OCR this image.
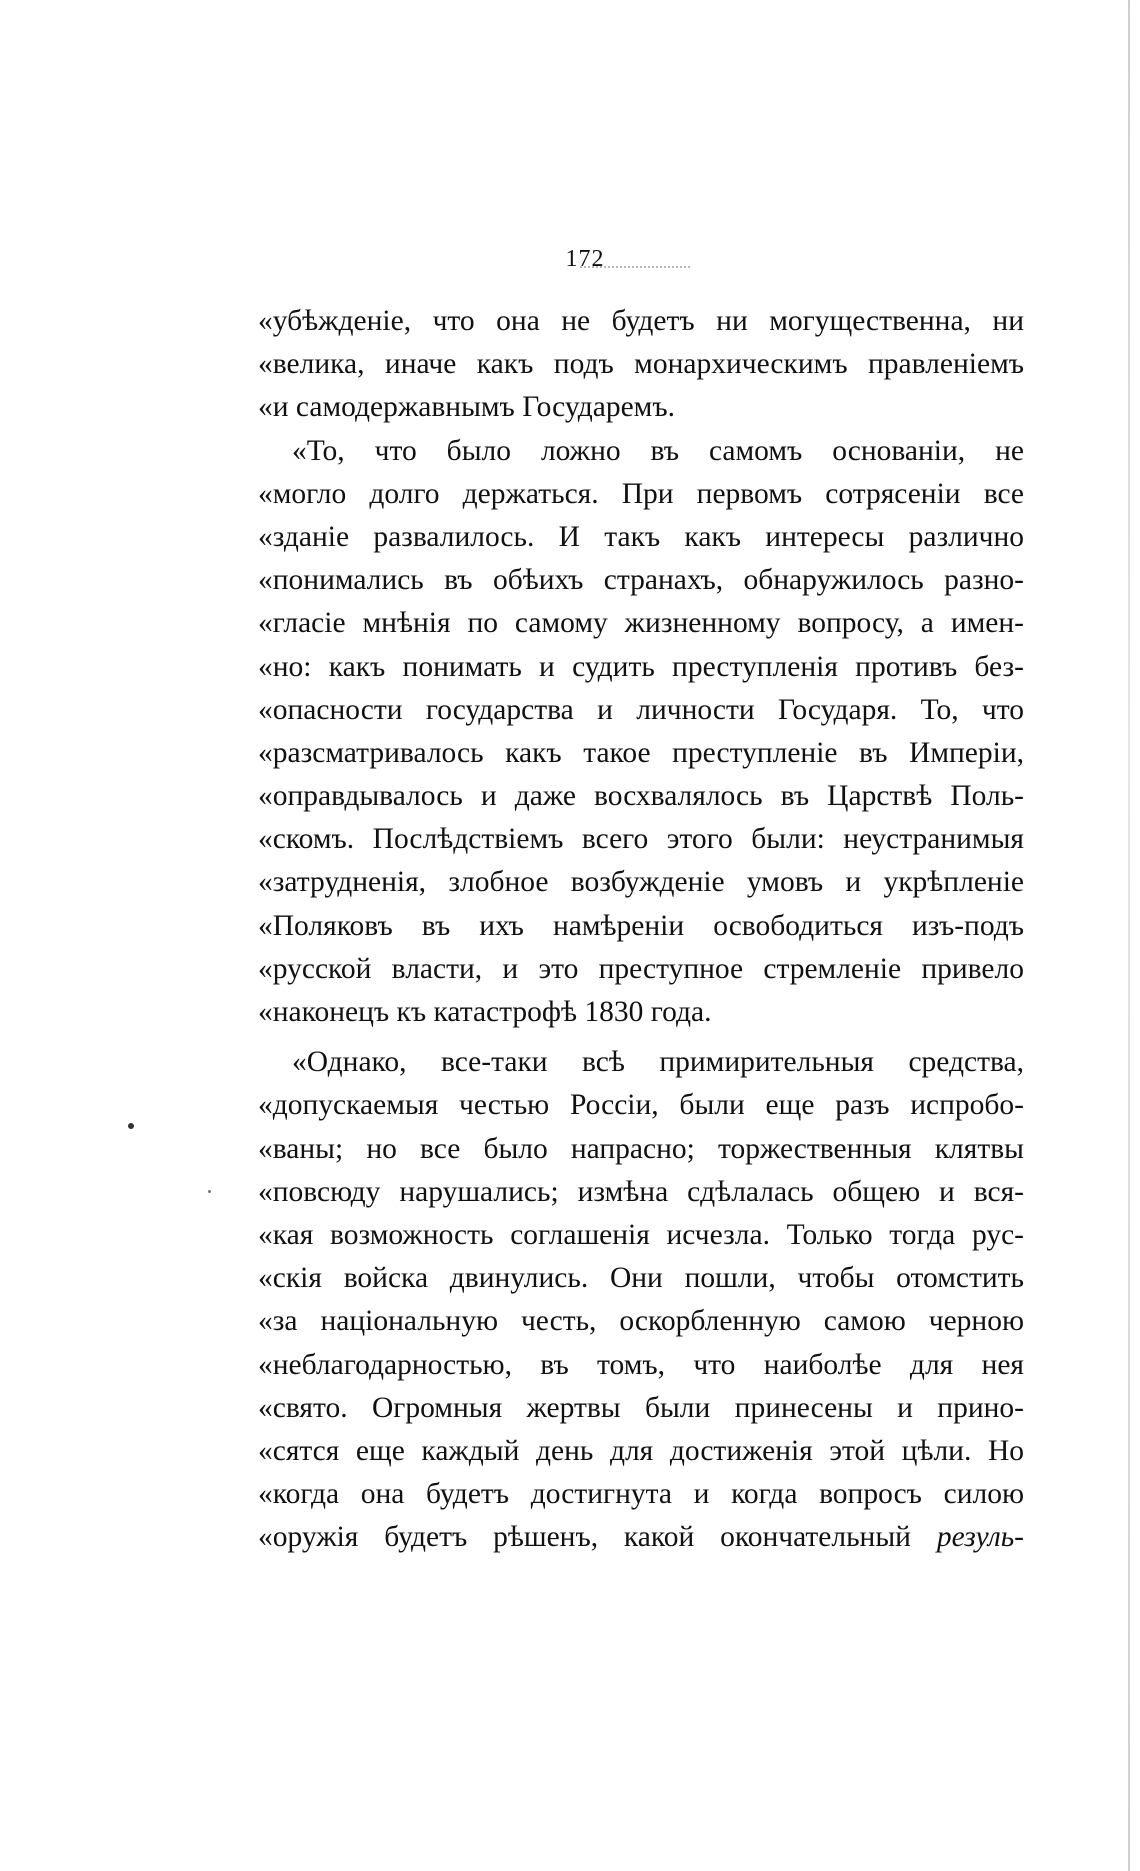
172
«убѣжденіе, что она не будетъ ни могущественна, ни
«велика, иначе какъ подъ монархическимъ правленіемъ
«и самодержавнымъ Государемъ.
«То, что было ложно въ самомъ основаніи, не
«могло долго держаться. При первомъ сотрясеніи все
«зданіе развалилось. И такъ какъ интересы различно
«понимались въ обѣихъ странахъ, обнаружилось разно-
«гласіе мнѣнія по самому жизненному вопросу, а имен-
«но: какъ понимать и судить преступленія противъ без-
«опасности государства и личности Государя. То, что
«разсматривалось какъ такое преступленіе въ Имперіи,
«оправдывалось и даже восхвалялось въ Царствѣ Поль-
«скомъ. Послѣдствіемъ всего этого были: неустранимыя
«затрудненія, злобное возбужденіе умовъ и укрѣпленіе
«Поляковъ въ ихъ намѣреніи освободиться изъ-подъ
«русской власти, и это преступное стремленіе привело
«наконецъ къ катастрофѣ 1830 года.
«Однако, все-таки всѣ примирительныя средства,
«допускаемыя честью Россіи, были еще разъ испробо-
«ваны; но все было напрасно; торжественныя клятвы
«повсюду нарушались; измѣна сдѣлалась общею и вся-
«кая возможность соглашенія исчезла. Только тогда рус-
«скія войска двинулись. Они пошли, чтобы отомстить
«за національную честь, оскорбленную самою черною
«неблагодарностью, въ томъ, что наиболѣе для нея
«свято. Огромныя жертвы были принесены и прино-
«сятся еще каждый день для достиженія этой цѣли. Но
«когда она будетъ достигнута и когда вопросъ силою
«оружія будетъ рѣшенъ, какой окончательный резуль-
